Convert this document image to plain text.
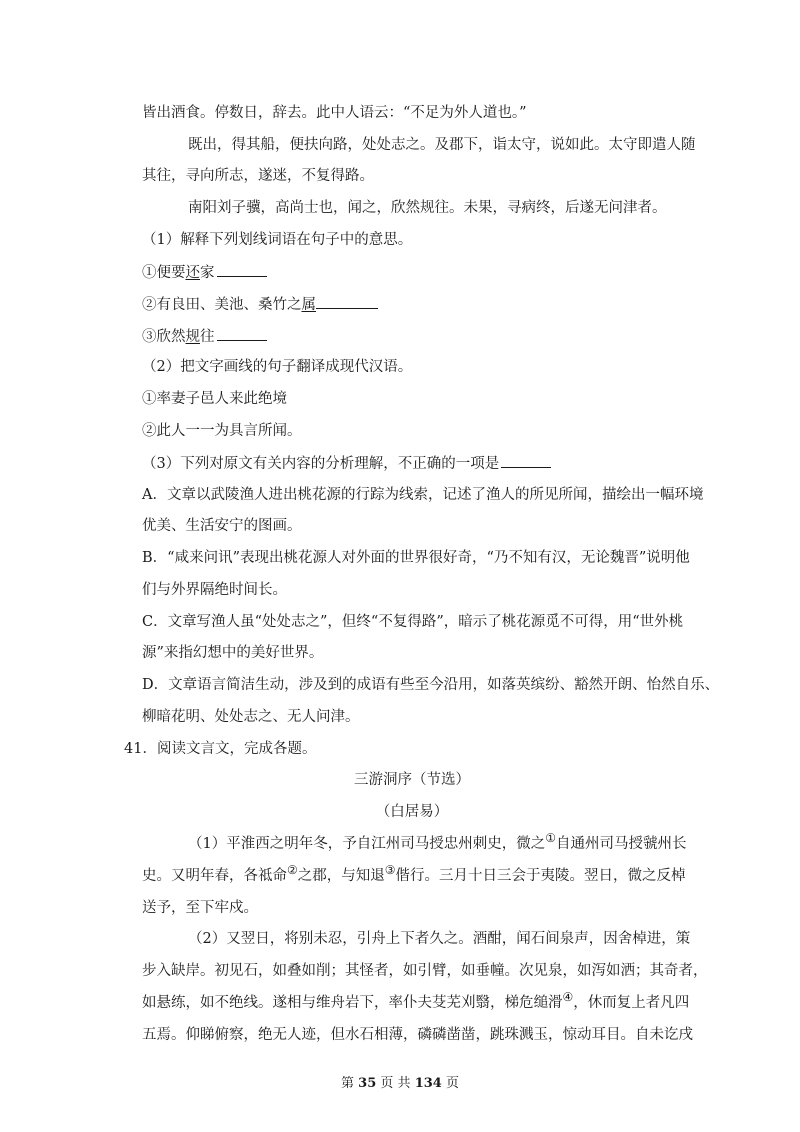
皆出酒食。停数日，辞去。此中人语云：“不足为外人道也。”
既出，得其船，便扶向路，处处志之。及郡下，诣太守，说如此。太守即遣人随
其往，寻向所志，遂迷，不复得路。
南阳刘子骥，高尚士也，闻之，欣然规往。未果，寻病终，后遂无问津者。
（1）解释下列划线词语在句子中的意思。
①便要还家
②有良田、美池、桑竹之属
③欣然规往
（2）把文字画线的句子翻译成现代汉语。
①率妻子邑人来此绝境
②此人一一为具言所闻。
（3）下列对原文有关内容的分析理解，不正确的一项是
A．文章以武陵渔人进出桃花源的行踪为线索，记述了渔人的所见所闻，描绘出一幅环境
优美、生活安宁的图画。
B．“咸来问讯”表现出桃花源人对外面的世界很好奇，“乃不知有汉，无论魏晋”说明他
们与外界隔绝时间长。
C．文章写渔人虽“处处志之”，但终“不复得路”，暗示了桃花源觅不可得，用“世外桃
源”来指幻想中的美好世界。
D．文章语言简洁生动，涉及到的成语有些至今沿用，如落英缤纷、豁然开朗、怡然自乐、
柳暗花明、处处志之、无人问津。
41．阅读文言文，完成各题。
三游洞序（节选）
（白居易）
（1）平淮西之明年冬，予自江州司马授忠州刺史，微之①自通州司马授虢州长
史。又明年春，各祗命②之郡，与知退③偕行。三月十日三会于夷陵。翌日，微之反棹
送予，至下牢戍。
（2）又翌日，将别未忍，引舟上下者久之。酒酣，闻石间泉声，因舍棹进，策
步入缺岸。初见石，如叠如削；其怪者，如引臂，如垂幢。次见泉，如泻如洒；其奇者，
如悬练，如不绝线。遂相与维舟岩下，率仆夫芟芜刈翳，梯危缒滑④，休而复上者凡四
五焉。仰睇俯察，绝无人迹，但水石相薄，磷磷凿凿，跳珠溅玉，惊动耳目。自未讫戌
第 35 页 共 134 页
